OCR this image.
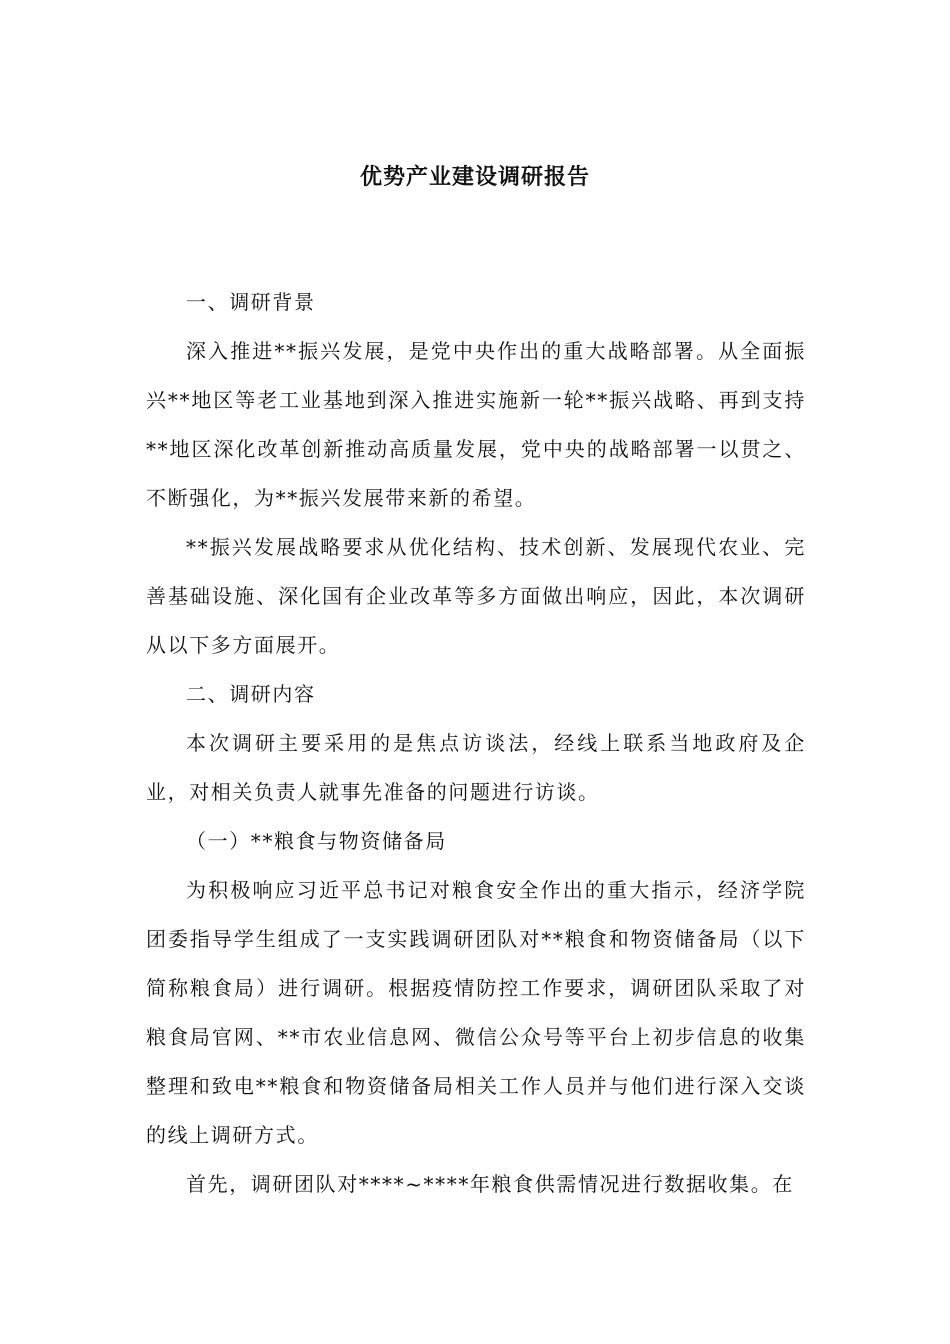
优势产业建设调研报告

一、调研背景

深入推进**振兴发展，是党中央作出的重大战略部署。从全面振兴**地区等老工业基地到深入推进实施新一轮**振兴战略、再到支持**地区深化改革创新推动高质量发展，党中央的战略部署一以贯之、不断强化，为**振兴发展带来新的希望。

**振兴发展战略要求从优化结构、技术创新、发展现代农业、完善基础设施、深化国有企业改革等多方面做出响应，因此，本次调研从以下多方面展开。

二、调研内容

本次调研主要采用的是焦点访谈法，经线上联系当地政府及企业，对相关负责人就事先准备的问题进行访谈。

（一）**粮食与物资储备局

为积极响应习近平总书记对粮食安全作出的重大指示，经济学院团委指导学生组成了一支实践调研团队对**粮食和物资储备局（以下简称粮食局）进行调研。根据疫情防控工作要求，调研团队采取了对粮食局官网、**市农业信息网、微信公众号等平台上初步信息的收集整理和致电**粮食和物资储备局相关工作人员并与他们进行深入交谈的线上调研方式。

首先，调研团队对****~****年粮食供需情况进行数据收集。在
